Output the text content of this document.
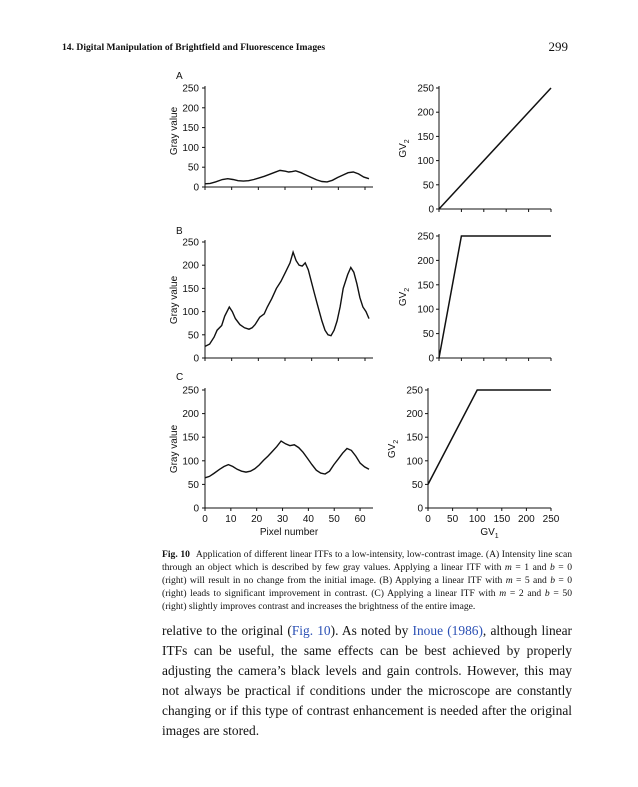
14. Digital Manipulation of Brightfield and Fluorescence Images	299
A
250
200
150
100
50
0
Gray value
250
200
150
100
50
0
$GV_2$
B
250
200
150
100
50
0
Gray value
250
200
150
100
50
0
$GV_2$
C
250
200
150
100
50
0
Gray value
250
200
150
100
50
0
$GV_2$
0 10 20 30 40 50 60
Pixel number
0 50 100 150 200 250
$GV_1$
Fig. 10 Application of different linear ITFs to a low-intensity, low-contrast image. (A) Intensity line scan through an object which is described by few gray values. Applying a linear ITF with m = 1 and b = 0 (right) will result in no change from the initial image. (B) Applying a linear ITF with m = 5 and b = 0 (right) leads to significant improvement in contrast. (C) Applying a linear ITF with m = 2 and b = 50 (right) slightly improves contrast and increases the brightness of the entire image.
relative to the original (Fig. 10). As noted by Inoue (1986), although linear ITFs can be useful, the same effects can be best achieved by properly adjusting the camera’s black levels and gain controls. However, this may not always be practical if conditions under the microscope are constantly changing or if this type of contrast enhancement is needed after the original images are stored.
